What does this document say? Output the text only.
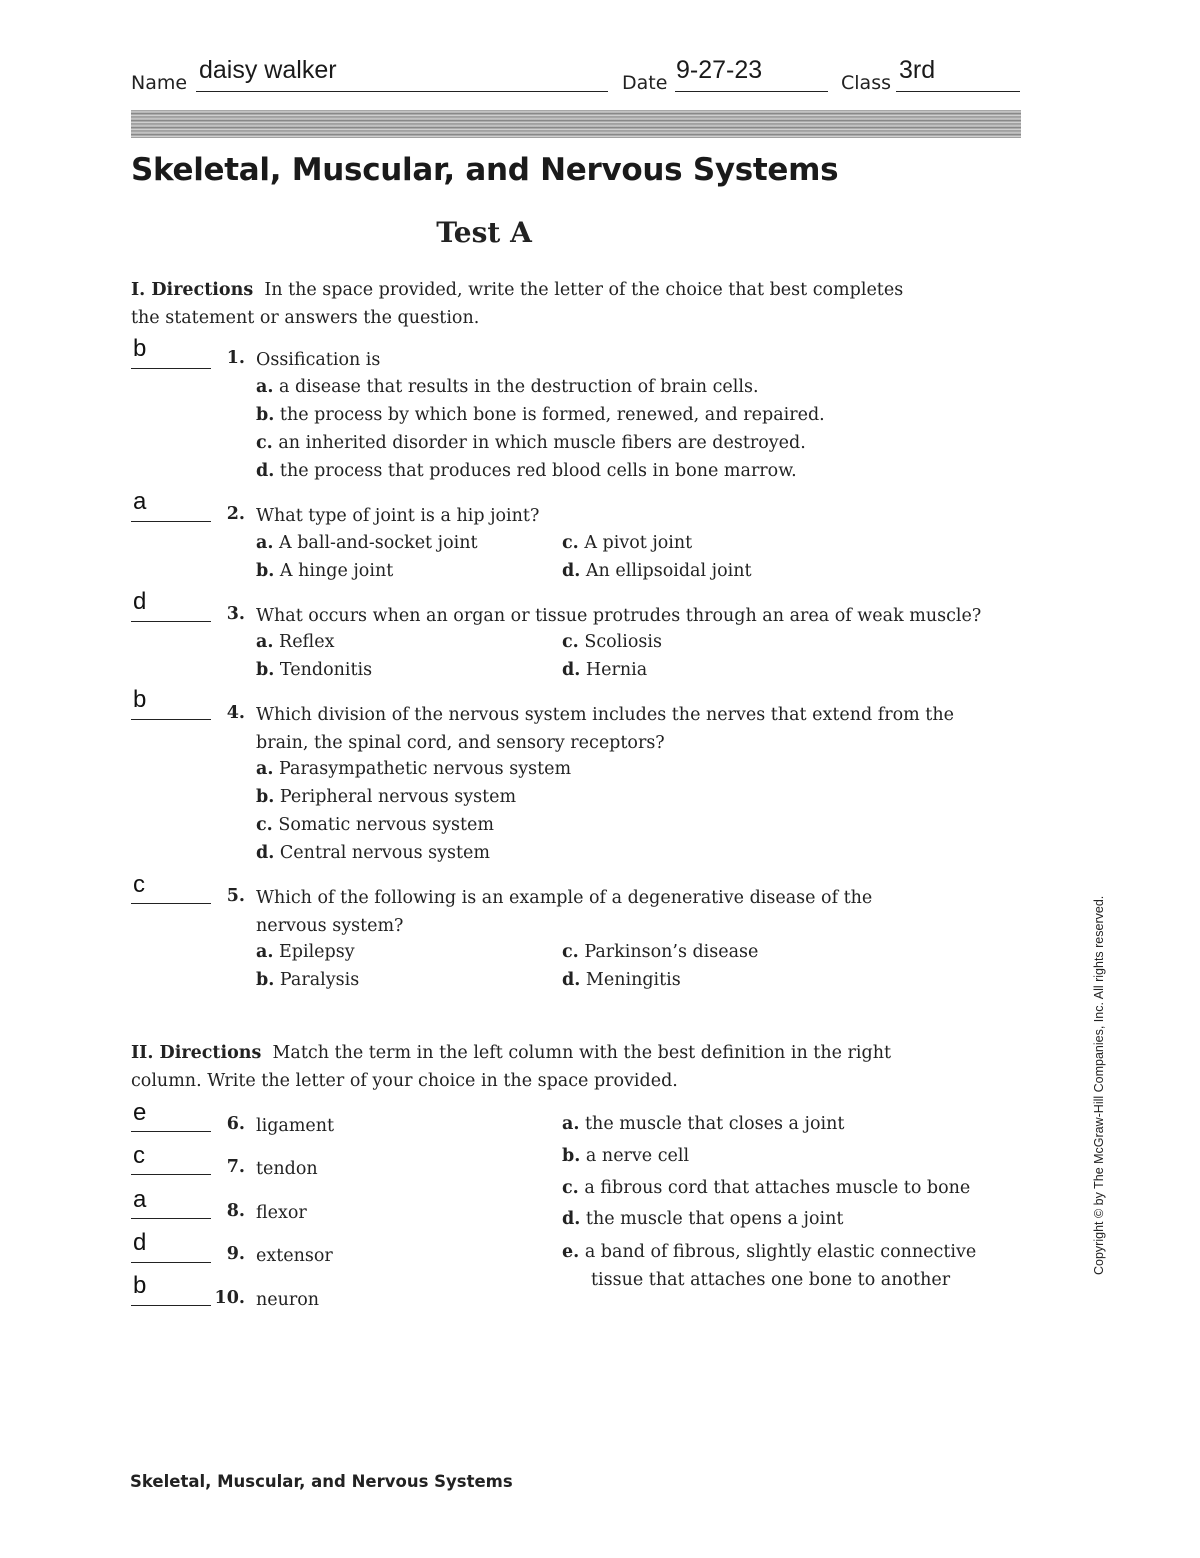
Name daisy walker	Date 9-27-23	Class 3rd
Skeletal, Muscular, and Nervous Systems
Test A
I. Directions In the space provided, write the letter of the choice that best completes the statement or answers the question.
b	1. Ossification is
a. a disease that results in the destruction of brain cells.
b. the process by which bone is formed, renewed, and repaired.
c. an inherited disorder in which muscle fibers are destroyed.
d. the process that produces red blood cells in bone marrow.
a	2. What type of joint is a hip joint?
a. A ball-and-socket joint
b. A hinge joint
c. A pivot joint
d. An ellipsoidal joint
d	3. What occurs when an organ or tissue protrudes through an area of weak muscle?
a. Reflex
b. Tendonitis
c. Scoliosis
d. Hernia
b	4. Which division of the nervous system includes the nerves that extend from the
brain, the spinal cord, and sensory receptors?
a. Parasympathetic nervous system
b. Peripheral nervous system
c. Somatic nervous system
d. Central nervous system
c	5. Which of the following is an example of a degenerative disease of the
nervous system?
a. Epilepsy
b. Paralysis
c. Parkinson’s disease
d. Meningitis
II. Directions Match the term in the left column with the best definition in the right column. Write the letter of your choice in the space provided.
e	6. ligament
c	7. tendon
a	8. flexor
d	9. extensor
b	10. neuron
a. the muscle that closes a joint
b. a nerve cell
c. a fibrous cord that attaches muscle to bone
d. the muscle that opens a joint
e. a band of fibrous, slightly elastic connective
tissue that attaches one bone to another
Copyright © by The McGraw-Hill Companies, Inc. All rights reserved.
Skeletal, Muscular, and Nervous Systems
